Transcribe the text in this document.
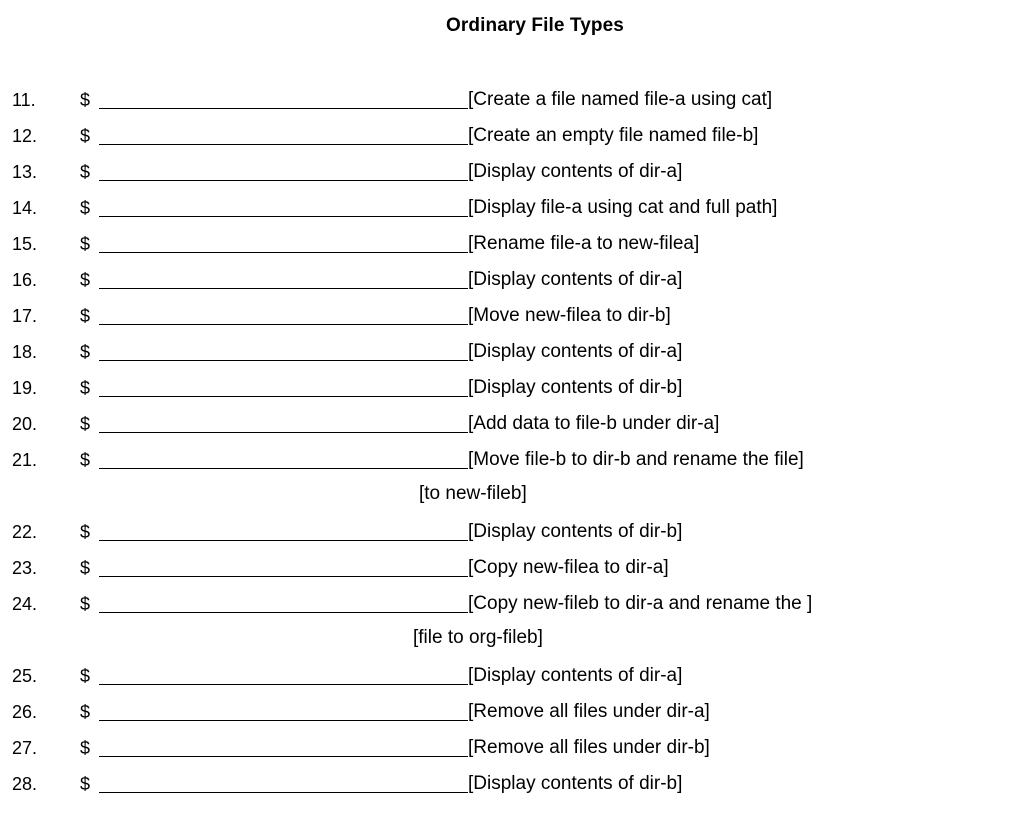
Ordinary File Types
11.	$	[Create a file named file-a using cat]
12.	$	[Create an empty file named file-b]
13.	$	[Display contents of dir-a]
14.	$	[Display file-a using cat and full path]
15.	$	[Rename file-a to new-filea]
16.	$	[Display contents of dir-a]
17.	$	[Move new-filea to dir-b]
18.	$	[Display contents of dir-a]
19.	$	[Display contents of dir-b]
20.	$	[Add data to file-b under dir-a]
21.	$	[Move file-b to dir-b and rename the file]
[to new-fileb]
22.	$	[Display contents of dir-b]
23.	$	[Copy new-filea to dir-a]
24.	$	[Copy new-fileb to dir-a and rename the ]
[file to org-fileb]
25.	$	[Display contents of dir-a]
26.	$	[Remove all files under dir-a]
27.	$	[Remove all files under dir-b]
28.	$	[Display contents of dir-b]
